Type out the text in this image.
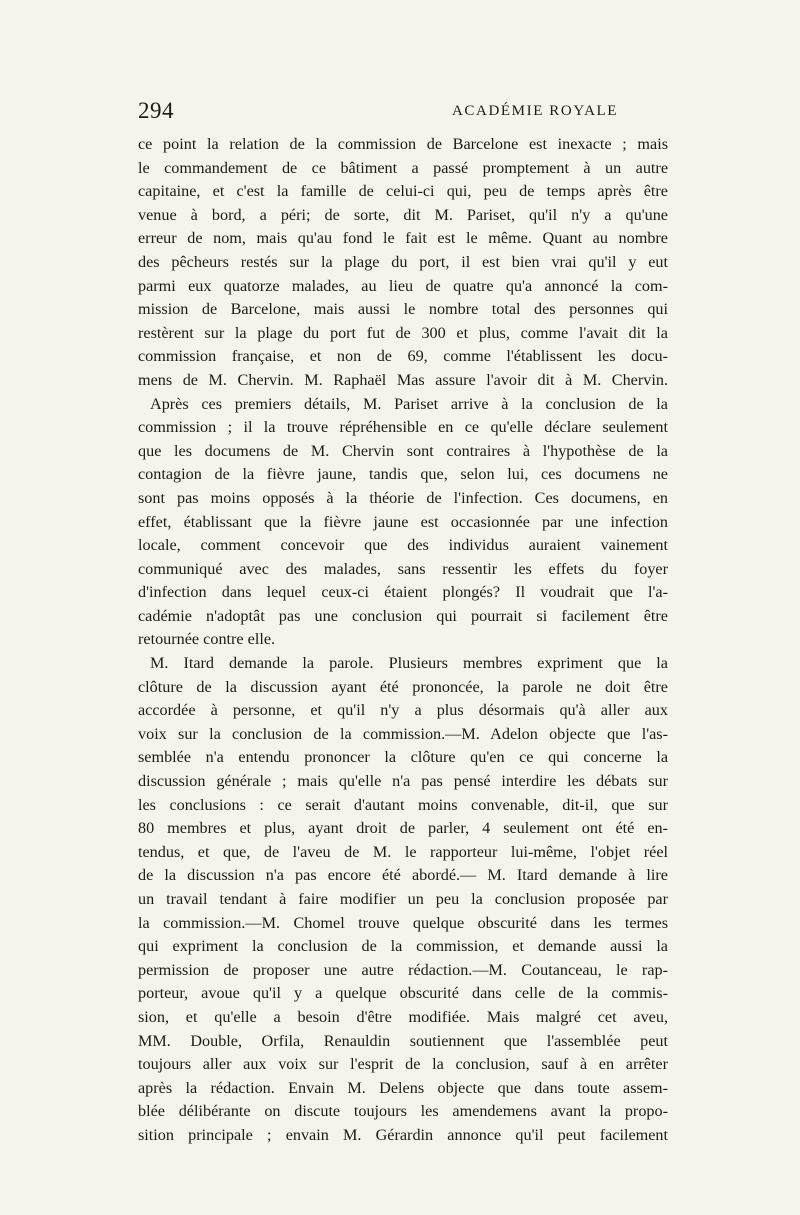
294	ACADÉMIE ROYALE
ce point la relation de la commission de Barcelone est inexacte ; mais
le commandement de ce bâtiment a passé promptement à un autre
capitaine, et c'est la famille de celui-ci qui, peu de temps après être
venue à bord, a péri; de sorte, dit M. Pariset, qu'il n'y a qu'une
erreur de nom, mais qu'au fond le fait est le même. Quant au nombre
des pêcheurs restés sur la plage du port, il est bien vrai qu'il y eut
parmi eux quatorze malades, au lieu de quatre qu'a annoncé la com-
mission de Barcelone, mais aussi le nombre total des personnes qui
restèrent sur la plage du port fut de 300 et plus, comme l'avait dit la
commission française, et non de 69, comme l'établissent les docu-
mens de M. Chervin. M. Raphaël Mas assure l'avoir dit à M. Chervin.
Après ces premiers détails, M. Pariset arrive à la conclusion de la
commission ; il la trouve répréhensible en ce qu'elle déclare seulement
que les documens de M. Chervin sont contraires à l'hypothèse de la
contagion de la fièvre jaune, tandis que, selon lui, ces documens ne
sont pas moins opposés à la théorie de l'infection. Ces documens, en
effet, établissant que la fièvre jaune est occasionnée par une infection
locale, comment concevoir que des individus auraient vainement
communiqué avec des malades, sans ressentir les effets du foyer
d'infection dans lequel ceux-ci étaient plongés? Il voudrait que l'a-
cadémie n'adoptât pas une conclusion qui pourrait si facilement être
retournée contre elle.
M. Itard demande la parole. Plusieurs membres expriment que la
clôture de la discussion ayant été prononcée, la parole ne doit être
accordée à personne, et qu'il n'y a plus désormais qu'à aller aux
voix sur la conclusion de la commission.—M. Adelon objecte que l'as-
semblée n'a entendu prononcer la clôture qu'en ce qui concerne la
discussion générale ; mais qu'elle n'a pas pensé interdire les débats sur
les conclusions : ce serait d'autant moins convenable, dit-il, que sur
80 membres et plus, ayant droit de parler, 4 seulement ont été en-
tendus, et que, de l'aveu de M. le rapporteur lui-même, l'objet réel
de la discussion n'a pas encore été abordé.— M. Itard demande à lire
un travail tendant à faire modifier un peu la conclusion proposée par
la commission.—M. Chomel trouve quelque obscurité dans les termes
qui expriment la conclusion de la commission, et demande aussi la
permission de proposer une autre rédaction.—M. Coutanceau, le rap-
porteur, avoue qu'il y a quelque obscurité dans celle de la commis-
sion, et qu'elle a besoin d'être modifiée. Mais malgré cet aveu,
MM. Double, Orfila, Renauldin soutiennent que l'assemblée peut
toujours aller aux voix sur l'esprit de la conclusion, sauf à en arrêter
après la rédaction. Envain M. Delens objecte que dans toute assem-
blée délibérante on discute toujours les amendemens avant la propo-
sition principale ; envain M. Gérardin annonce qu'il peut facilement
